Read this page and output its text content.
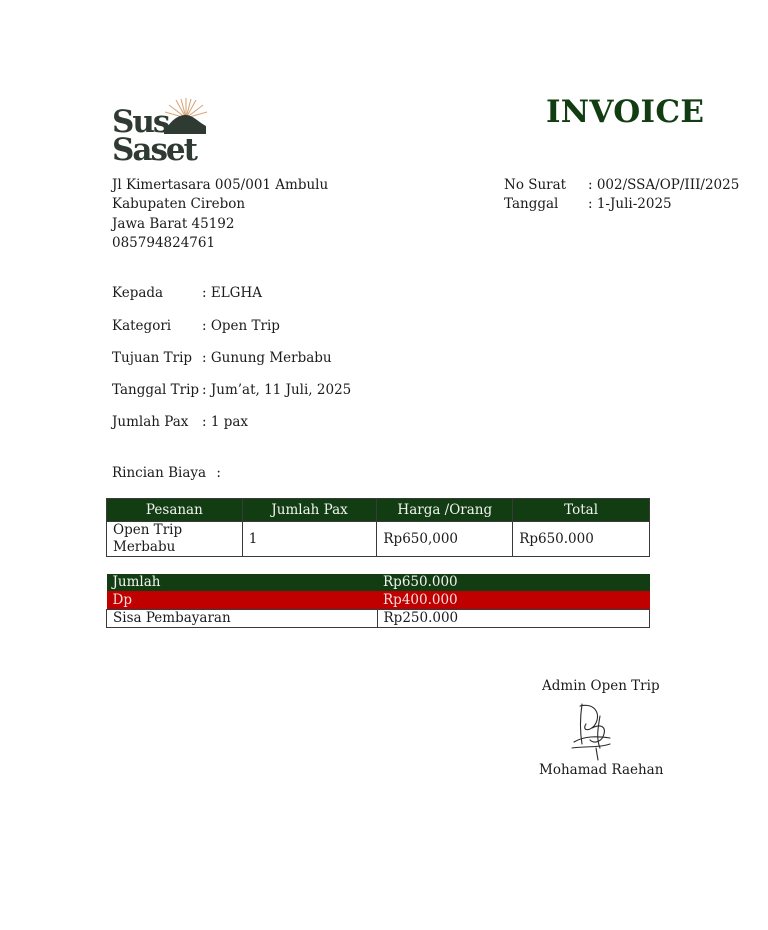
Sus
Saset
INVOICE
Jl Kimertasara 005/001 Ambulu
Kabupaten Cirebon
Jawa Barat 45192
085794824761
No Surat	: 002/SSA/OP/III/2025
Tanggal	: 1-Juli-2025
Kepada	: ELGHA
Kategori : Open Trip
Tujuan Trip : Gunung Merbabu
Tanggal Trip : Jum’at, 11 Juli, 2025
Jumlah Pax : 1 pax
Rincian Biaya :
Pesanan	Jumlah Pax	Harga /Orang	Total
Open Trip Merbabu	1	Rp650,000	Rp650.000
Jumlah	Rp650.000
Dp	Rp400.000
Sisa Pembayaran	Rp250.000
Admin Open Trip
Mohamad Raehan
